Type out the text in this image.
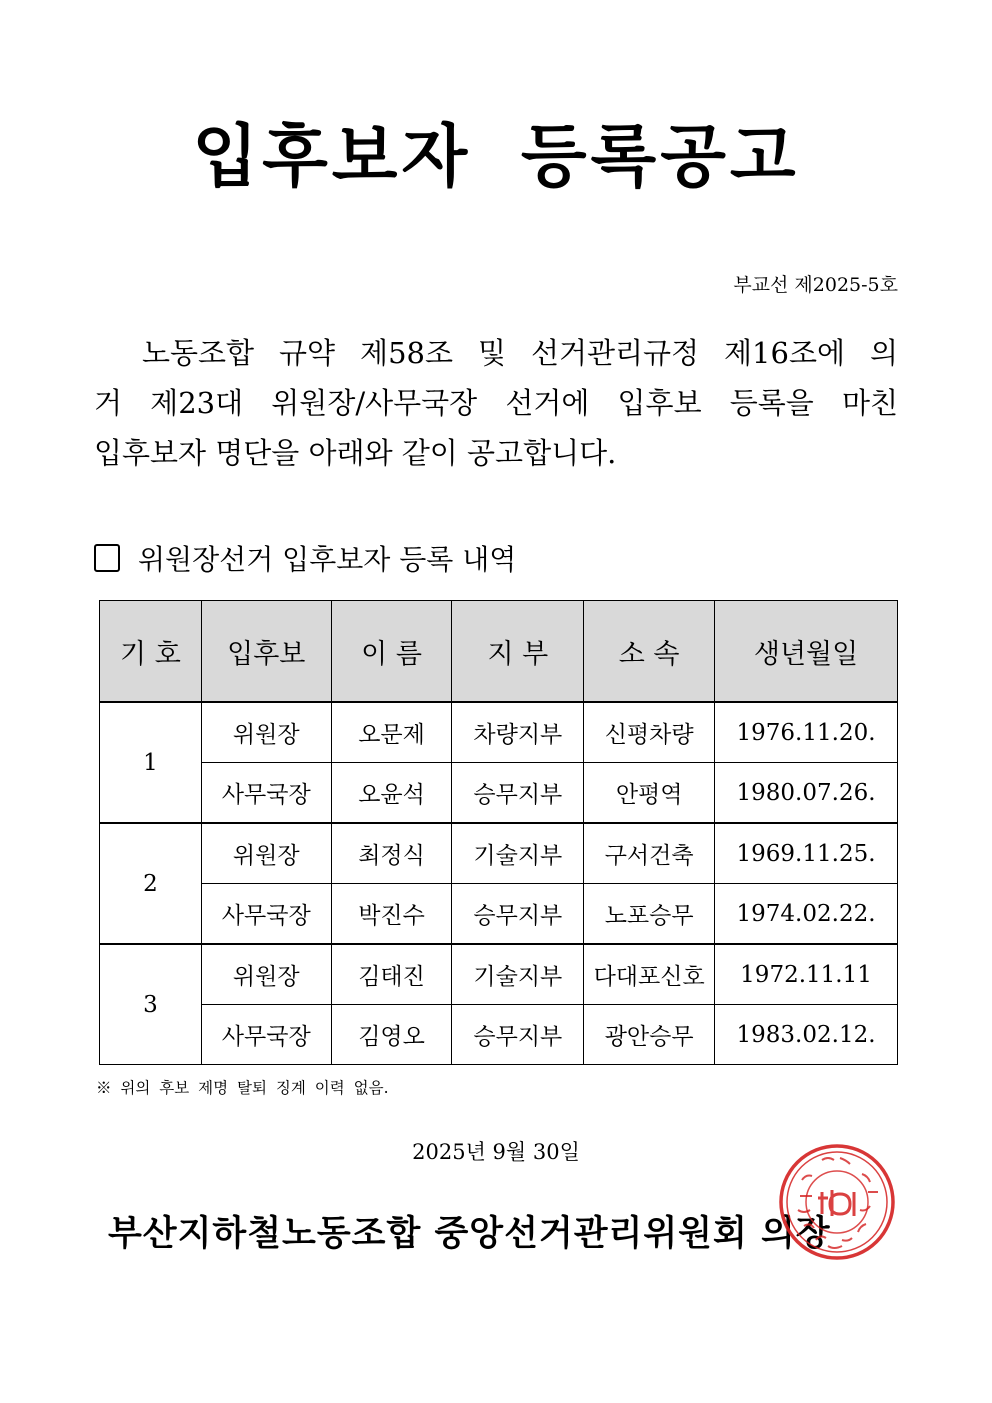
입후보자 등록공고
부교선 제2025-5호
노동조합 규약 제58조 및 선거관리규정 제16조에 의
거 제23대 위원장/사무국장 선거에 입후보 등록을 마친
입후보자 명단을 아래와 같이 공고합니다.
위원장선거 입후보자 등록 내역
기 호	입후보	이 름	지 부	소 속	생년월일
1	위원장	오문제	차량지부	신평차량	1976.11.20.
	사무국장	오윤석	승무지부	안평역	1980.07.26.
2	위원장	최정식	기술지부	구서건축	1969.11.25.
	사무국장	박진수	승무지부	노포승무	1974.02.22.
3	위원장	김태진	기술지부	다대포신호	1972.11.11
	사무국장	김영오	승무지부	광안승무	1983.02.12.
※ 위의 후보 제명 탈퇴 징계 이력 없음.
2025년 9월 30일
부산지하철노동조합 중앙선거관리위원회 의장
